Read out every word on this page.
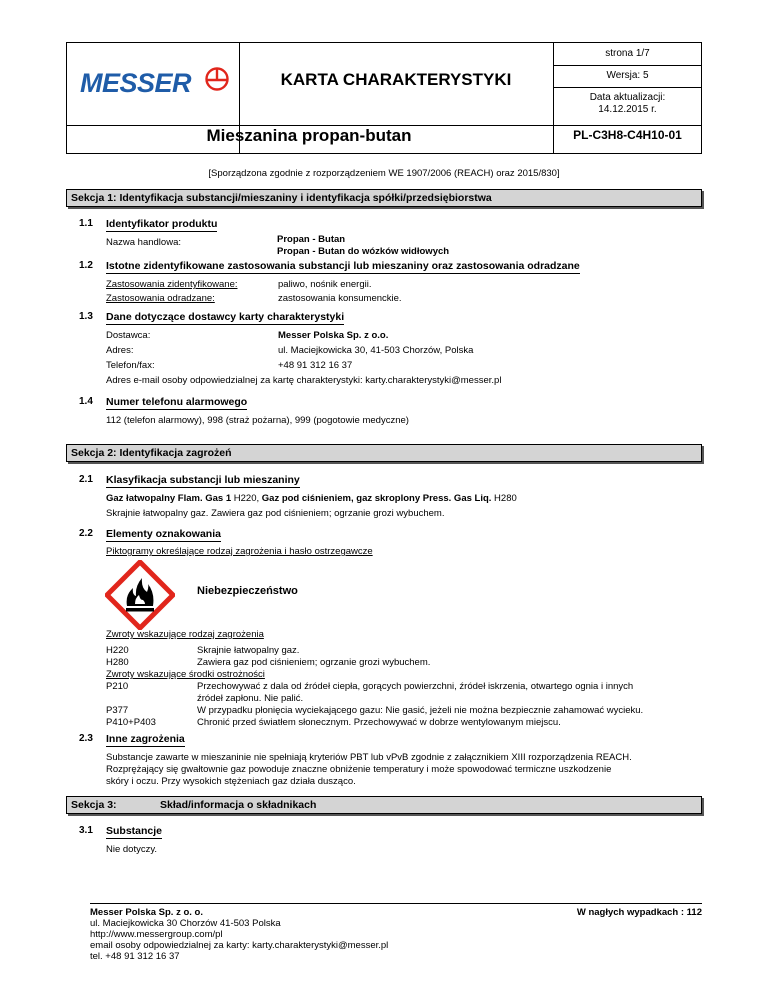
MESSER	KARTA CHARAKTERYSTYKI
strona 1/7
Wersja: 5
Data aktualizacji:
14.12.2015 r.
Mieszanina propan-butan	PL-C3H8-C4H10-01
[Sporządzona zgodnie z rozporządzeniem WE 1907/2006 (REACH) oraz 2015/830]
Sekcja 1: Identyfikacja substancji/mieszaniny i identyfikacja spółki/przedsiębiorstwa
1.1 Identyfikator produktu
Nazwa handlowa:	Propan - Butan
Propan - Butan do wózków widłowych
1.2 Istotne zidentyfikowane zastosowania substancji lub mieszaniny oraz zastosowania odradzane
Zastosowania zidentyfikowane:	paliwo, nośnik energii.
Zastosowania odradzane:	zastosowania konsumenckie.
1.3 Dane dotyczące dostawcy karty charakterystyki
Dostawca:	Messer Polska Sp. z o.o.
Adres:	ul. Maciejkowicka 30, 41-503 Chorzów, Polska
Telefon/fax:	+48 91 312 16 37
Adres e-mail osoby odpowiedzialnej za kartę charakterystyki: karty.charakterystyki@messer.pl
1.4 Numer telefonu alarmowego
112 (telefon alarmowy), 998 (straż pożarna), 999 (pogotowie medyczne)
Sekcja 2: Identyfikacja zagrożeń
2.1 Klasyfikacja substancji lub mieszaniny
Gaz łatwopalny Flam. Gas 1 H220, Gaz pod ciśnieniem, gaz skroplony Press. Gas Liq. H280
Skrajnie łatwopalny gaz. Zawiera gaz pod ciśnieniem; ogrzanie grozi wybuchem.
2.2 Elementy oznakowania
Piktogramy określające rodzaj zagrożenia i hasło ostrzegawcze
Niebezpieczeństwo
Zwroty wskazujące rodzaj zagrożenia
H220	Skrajnie łatwopalny gaz.
H280	Zawiera gaz pod ciśnieniem; ogrzanie grozi wybuchem.
Zwroty wskazujące środki ostrożności
P210	Przechowywać z dala od źródeł ciepła, gorących powierzchni, źródeł iskrzenia, otwartego ognia i innych
źródeł zapłonu. Nie palić.
P377	W przypadku płonięcia wyciekającego gazu: Nie gasić, jeżeli nie można bezpiecznie zahamować wycieku.
P410+P403	Chronić przed światłem słonecznym. Przechowywać w dobrze wentylowanym miejscu.
2.3 Inne zagrożenia
Substancje zawarte w mieszaninie nie spełniają kryteriów PBT lub vPvB zgodnie z załącznikiem XIII rozporządzenia REACH.
Rozprężający się gwałtownie gaz powoduje znaczne obniżenie temperatury i może spowodować termiczne uszkodzenie
skóry i oczu. Przy wysokich stężeniach gaz działa dusząco.
Sekcja 3:	Skład/informacja o składnikach
3.1 Substancje
Nie dotyczy.
Messer Polska Sp. z o. o.
ul. Maciejkowicka 30 Chorzów 41-503 Polska
http://www.messergroup.com/pl
email osoby odpowiedzialnej za karty: karty.charakterystyki@messer.pl
tel. +48 91 312 16 37
W nagłych wypadkach : 112
